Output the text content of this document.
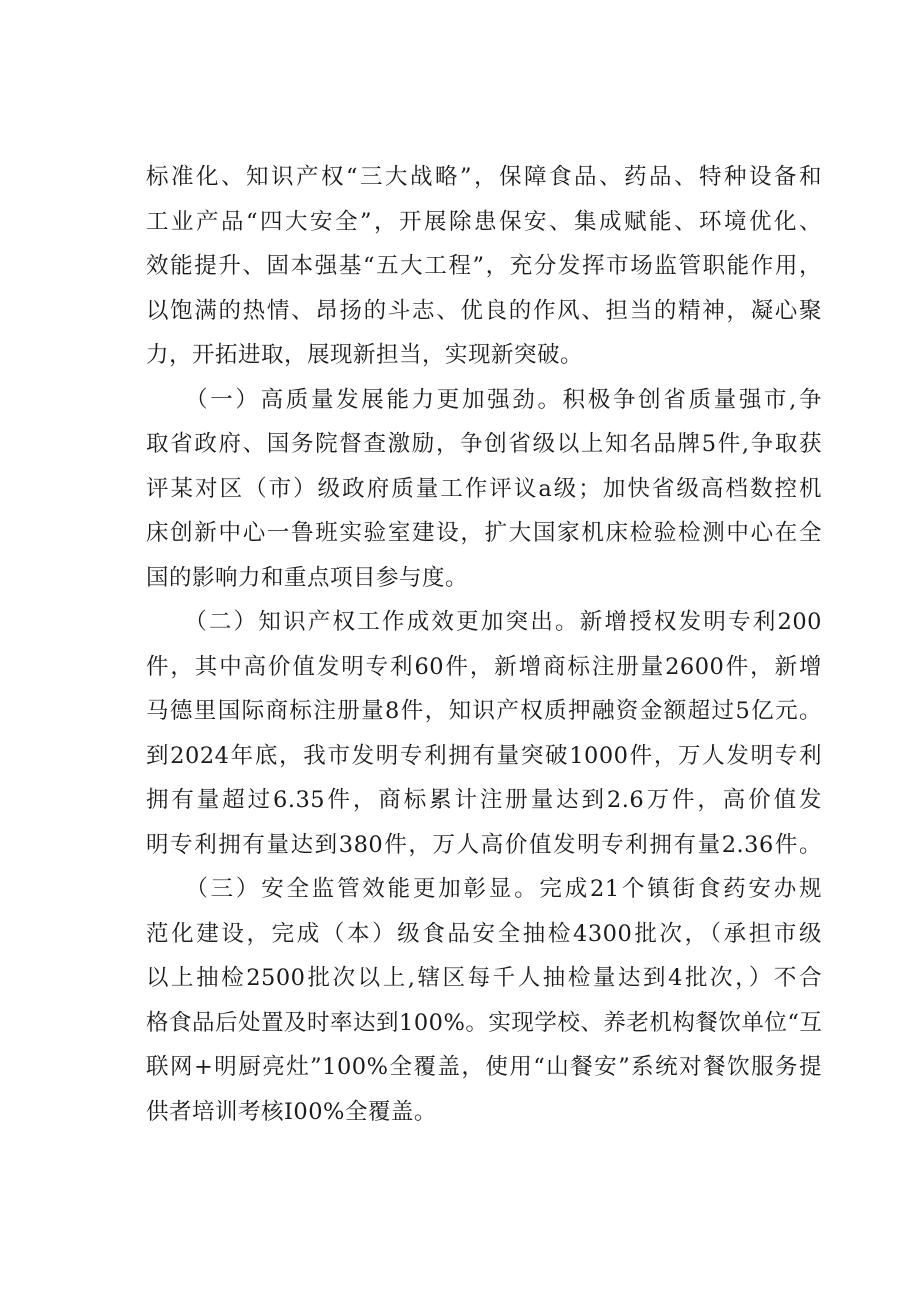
标准化、知识产权“三大战略”，保障食品、药品、特种设备和
工业产品“四大安全”，开展除患保安、集成赋能、环境优化、
效能提升、固本强基“五大工程”，充分发挥市场监管职能作用，
以饱满的热情、昂扬的斗志、优良的作风、担当的精神，凝心聚
力，开拓进取，展现新担当，实现新突破。
　　（一）高质量发展能力更加强劲。积极争创省质量强市,争
取省政府、国务院督查激励，争创省级以上知名品牌5件,争取获
评某对区（市）级政府质量工作评议a级；加快省级高档数控机
床创新中心一鲁班实验室建设，扩大国家机床检验检测中心在全
国的影响力和重点项目参与度。
　　（二）知识产权工作成效更加突出。新增授权发明专利200
件，其中高价值发明专利60件，新增商标注册量2600件，新增
马德里国际商标注册量8件，知识产权质押融资金额超过5亿元。
到2024年底，我市发明专利拥有量突破1000件，万人发明专利
拥有量超过6.35件，商标累计注册量达到2.6万件，高价值发
明专利拥有量达到380件，万人高价值发明专利拥有量2.36件。
　　（三）安全监管效能更加彰显。完成21个镇街食药安办规
范化建设，完成（本）级食品安全抽检4300批次，（承担市级
以上抽检2500批次以上,辖区每千人抽检量达到4批次，）不合
格食品后处置及时率达到100%。实现学校、养老机构餐饮单位“互
联网+明厨亮灶”100%全覆盖，使用“山餐安”系统对餐饮服务提
供者培训考核I00%全覆盖。
